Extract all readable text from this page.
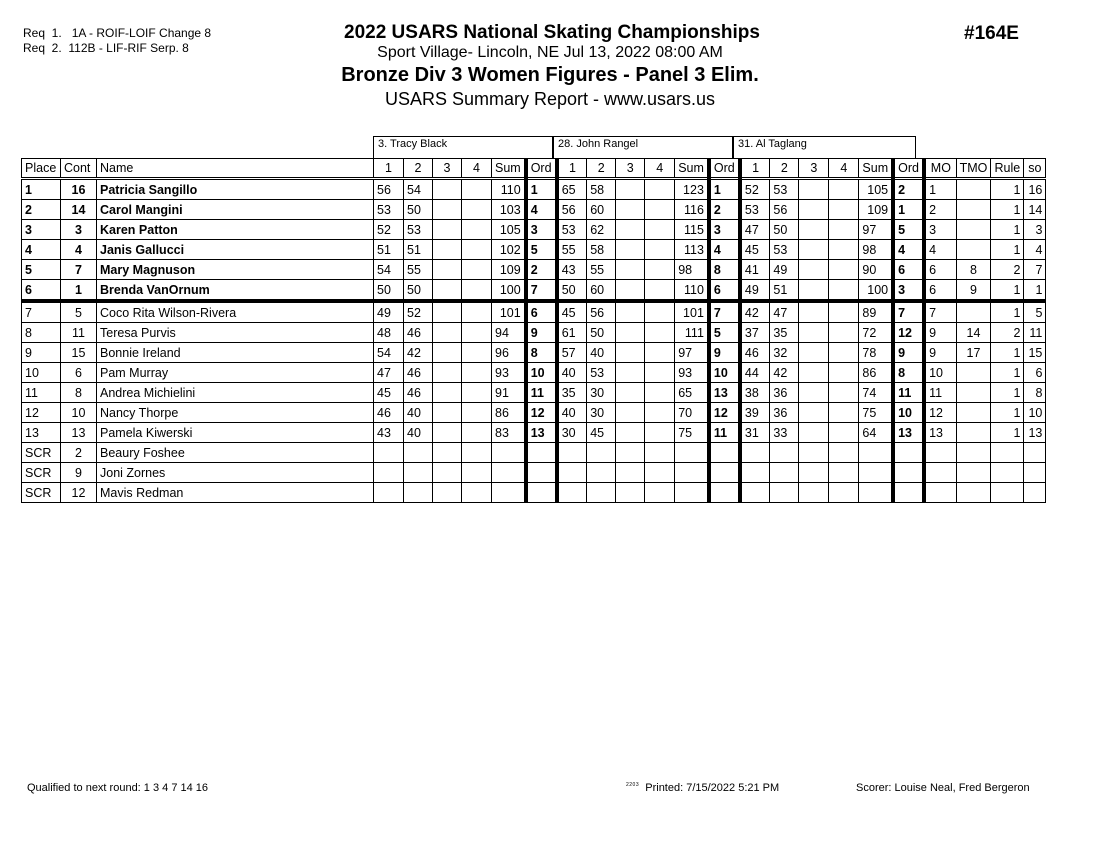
Req  1.   1A - ROIF-LOIF Change 8
Req  2.  112B - LIF-RIF Serp. 8
2022 USARS National Skating Championships
Sport Village- Lincoln, NE Jul 13, 2022 08:00 AM
Bronze Div 3 Women Figures - Panel 3 Elim.
USARS Summary Report - www.usars.us
#164E
3. Tracy Black	28. John Rangel	31. Al Taglang
Place	Cont	Name	1	2	3	4	Sum	Ord	1	2	3	4	Sum	Ord	1	2	3	4	Sum	Ord	MO	TMO	Rule	so
1	16	Patricia Sangillo	56	54			110	1	65	58			123	1	52	53			105	2	1		1	16
2	14	Carol Mangini	53	50			103	4	56	60			116	2	53	56			109	1	2		1	14
3	3	Karen Patton	52	53			105	3	53	62			115	3	47	50			97	5	3		1	3
4	4	Janis Gallucci	51	51			102	5	55	58			113	4	45	53			98	4	4		1	4
5	7	Mary Magnuson	54	55			109	2	43	55			98	8	41	49			90	6	6	8	2	7
6	1	Brenda VanOrnum	50	50			100	7	50	60			110	6	49	51			100	3	6	9	1	1
7	5	Coco Rita Wilson-Rivera	49	52			101	6	45	56			101	7	42	47			89	7	7		1	5
8	11	Teresa Purvis	48	46			94	9	61	50			111	5	37	35			72	12	9	14	2	11
9	15	Bonnie Ireland	54	42			96	8	57	40			97	9	46	32			78	9	9	17	1	15
10	6	Pam Murray	47	46			93	10	40	53			93	10	44	42			86	8	10		1	6
11	8	Andrea Michielini	45	46			91	11	35	30			65	13	38	36			74	11	11		1	8
12	10	Nancy Thorpe	46	40			86	12	40	30			70	12	39	36			75	10	12		1	10
13	13	Pamela Kiwerski	43	40			83	13	30	45			75	11	31	33			64	13	13		1	13
SCR	2	Beaury Foshee																						
SCR	9	Joni Zornes																						
SCR	12	Mavis Redman																						
Qualified to next round: 1 3 4 7 14 16	$^{2203}$ Printed: 7/15/2022 5:21 PM	Scorer: Louise Neal, Fred Bergeron
